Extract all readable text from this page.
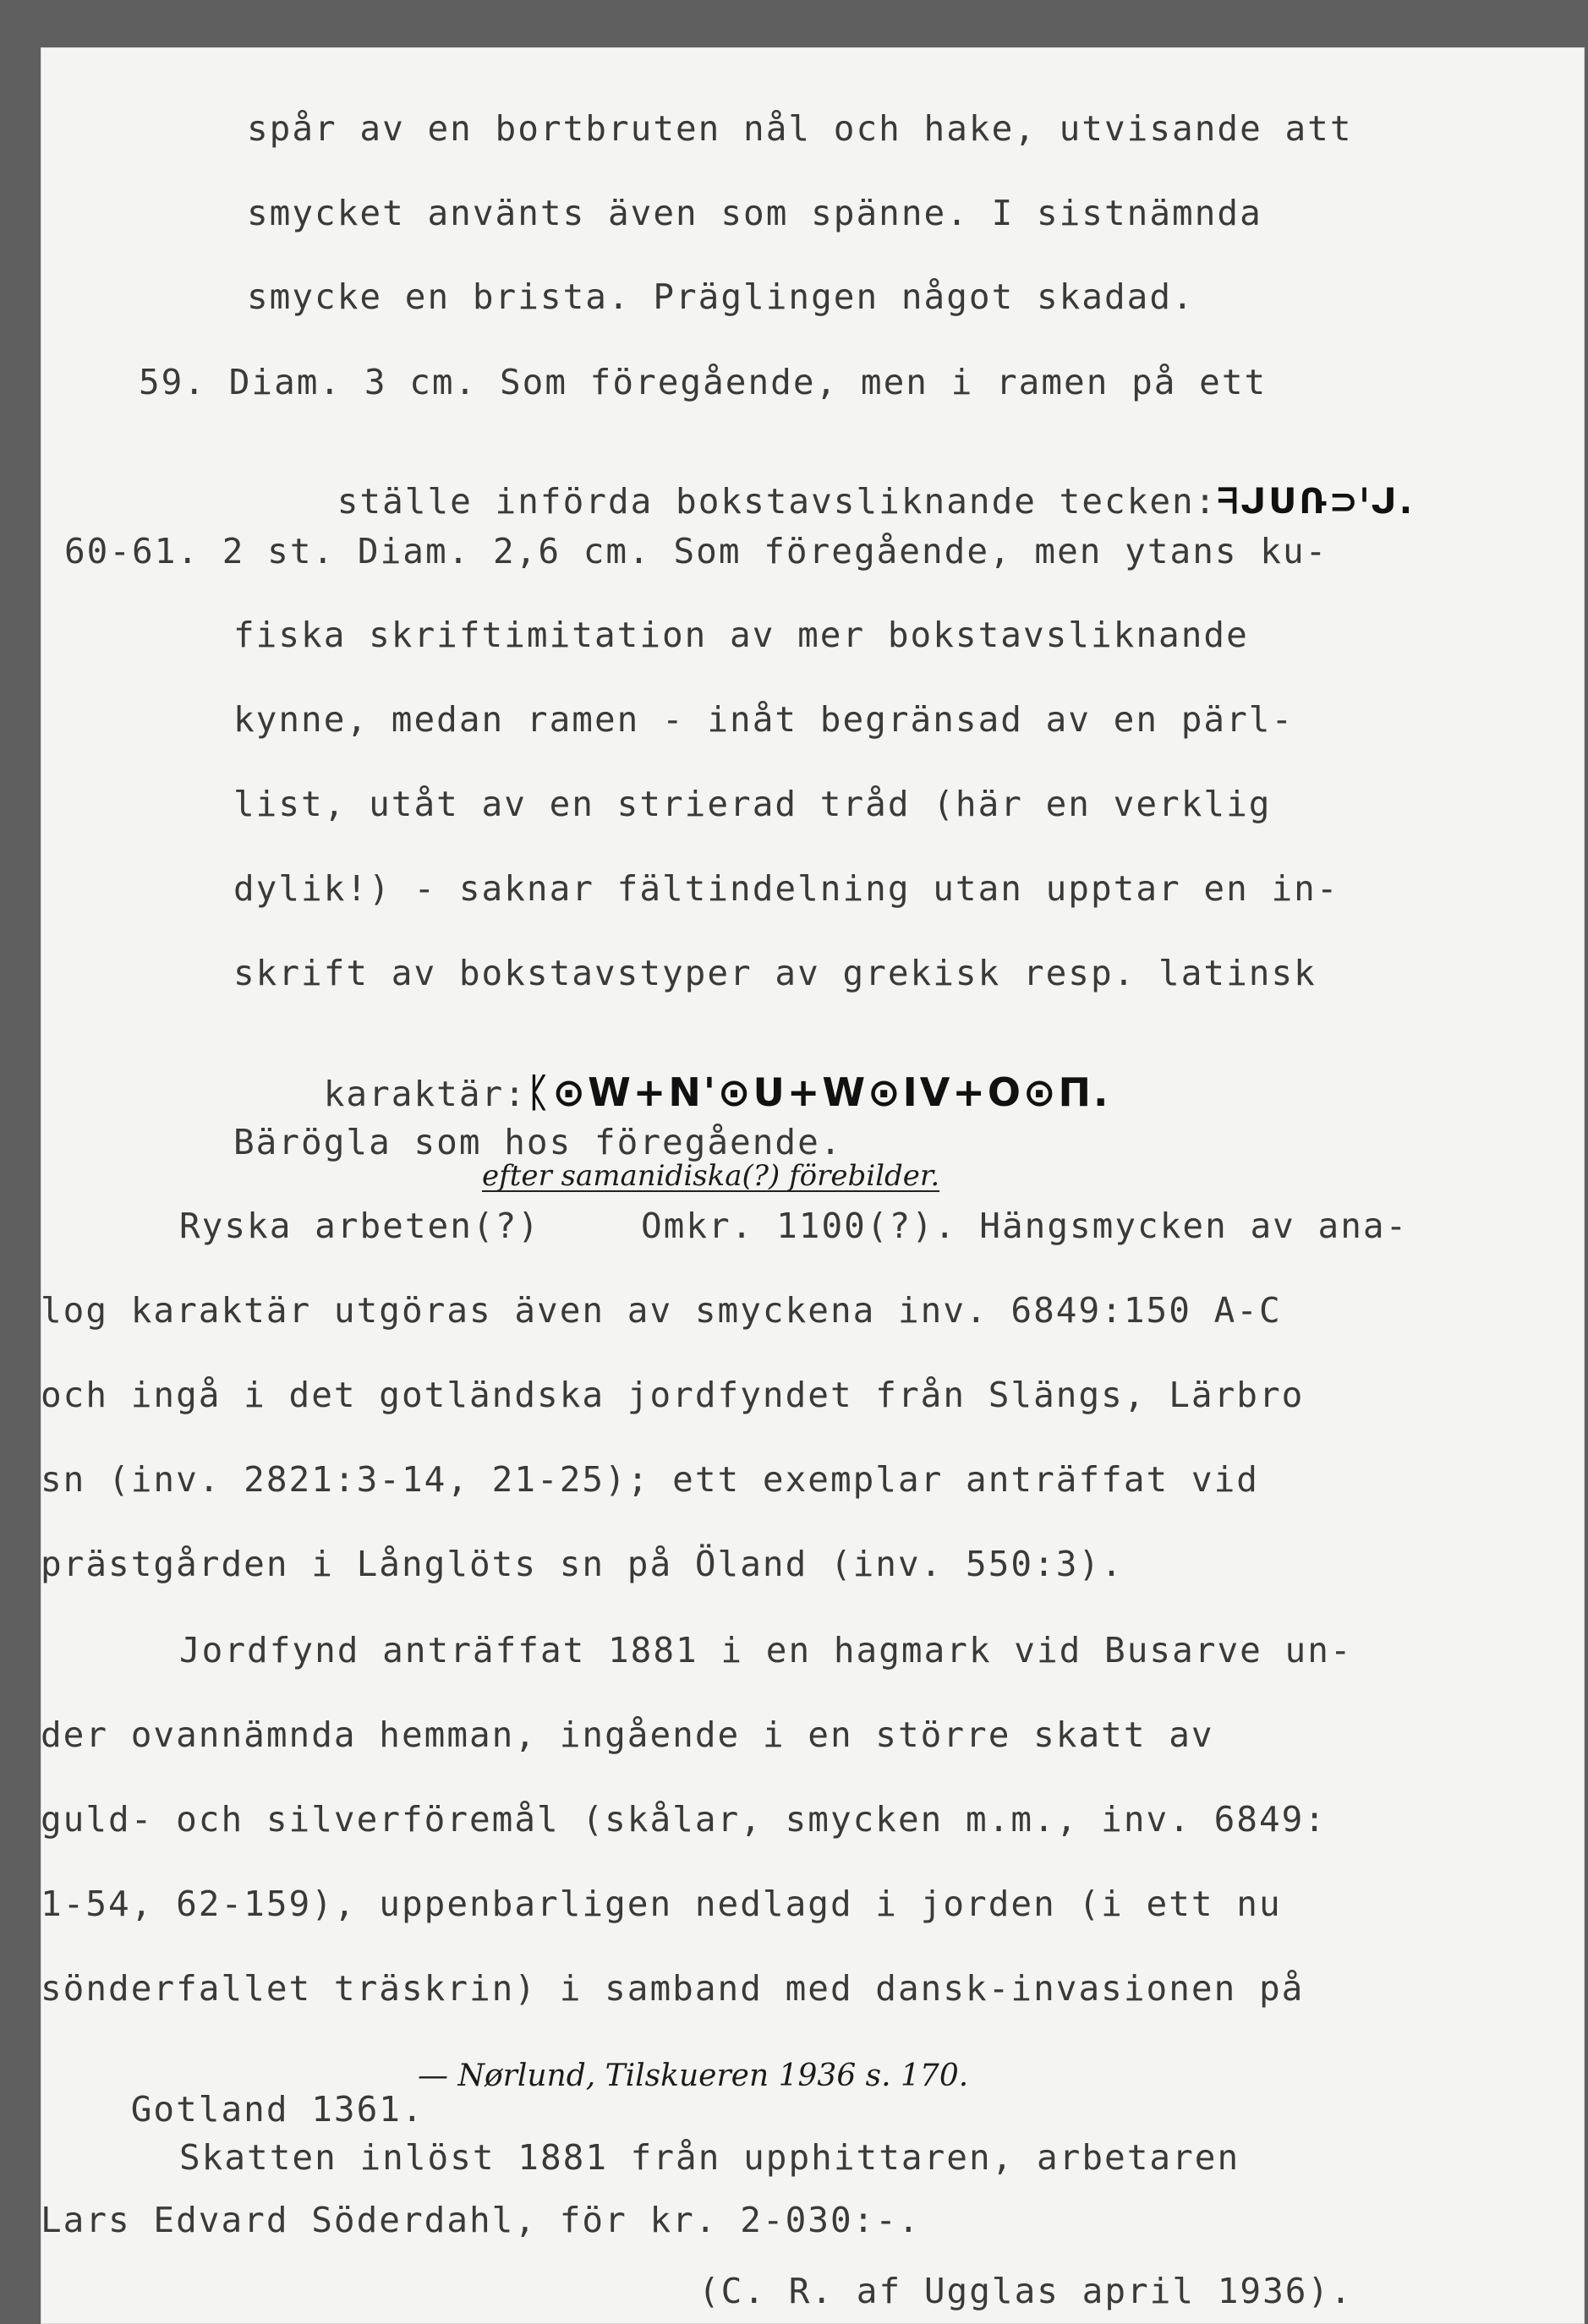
spår av en bortbruten nål och hake, utvisande att
smycket använts även som spänne. I sistnämnda
smycke en brista. Präglingen något skadad.
59. Diam. 3 cm. Som föregående, men i ramen på ett

ställe införda bokstavsliknande tecken:ᖷᒍᑌՌ⊃ᑊᒍ.

60-61. 2 st. Diam. 2,6 cm. Som föregående, men ytans ku-
fiska skriftimitation av mer bokstavsliknande
kynne, medan ramen - inåt begränsad av en pärl-
list, utåt av en strierad tråd (här en verklig
dylik!) - saknar fältindelning utan upptar en in-
skrift av bokstavstyper av grekisk resp. latinsk

karaktär:ᛕ⊙W+N'⊙ᑌ+W⊙IV+O⊙Π.

Bärögla som hos föregående.
efter samanidiska(?) förebilder.
Ryska arbeten(?)	Omkr. 1100(?). Hängsmycken av ana-
log karaktär utgöras även av smyckena inv. 6849:150 A-C
och ingå i det gotländska jordfyndet från Slängs, Lärbro
sn (inv. 2821:3-14, 21-25); ett exemplar anträffat vid
prästgården i Långlöts sn på Öland (inv. 550:3).
Jordfynd anträffat 1881 i en hagmark vid Busarve un-
der ovannämnda hemman, ingående i en större skatt av
guld- och silverföremål (skålar, smycken m.m., inv. 6849:
1-54, 62-159), uppenbarligen nedlagd i jorden (i ett nu
sönderfallet träskrin) i samband med dansk-invasionen på

Gotland 1361.

— Nørlund, Tilskueren 1936 s. 170.
Skatten inlöst 1881 från upphittaren, arbetaren
Lars Edvard Söderdahl, för kr. 2-030:-.
(C. R. af Ugglas april 1936).
